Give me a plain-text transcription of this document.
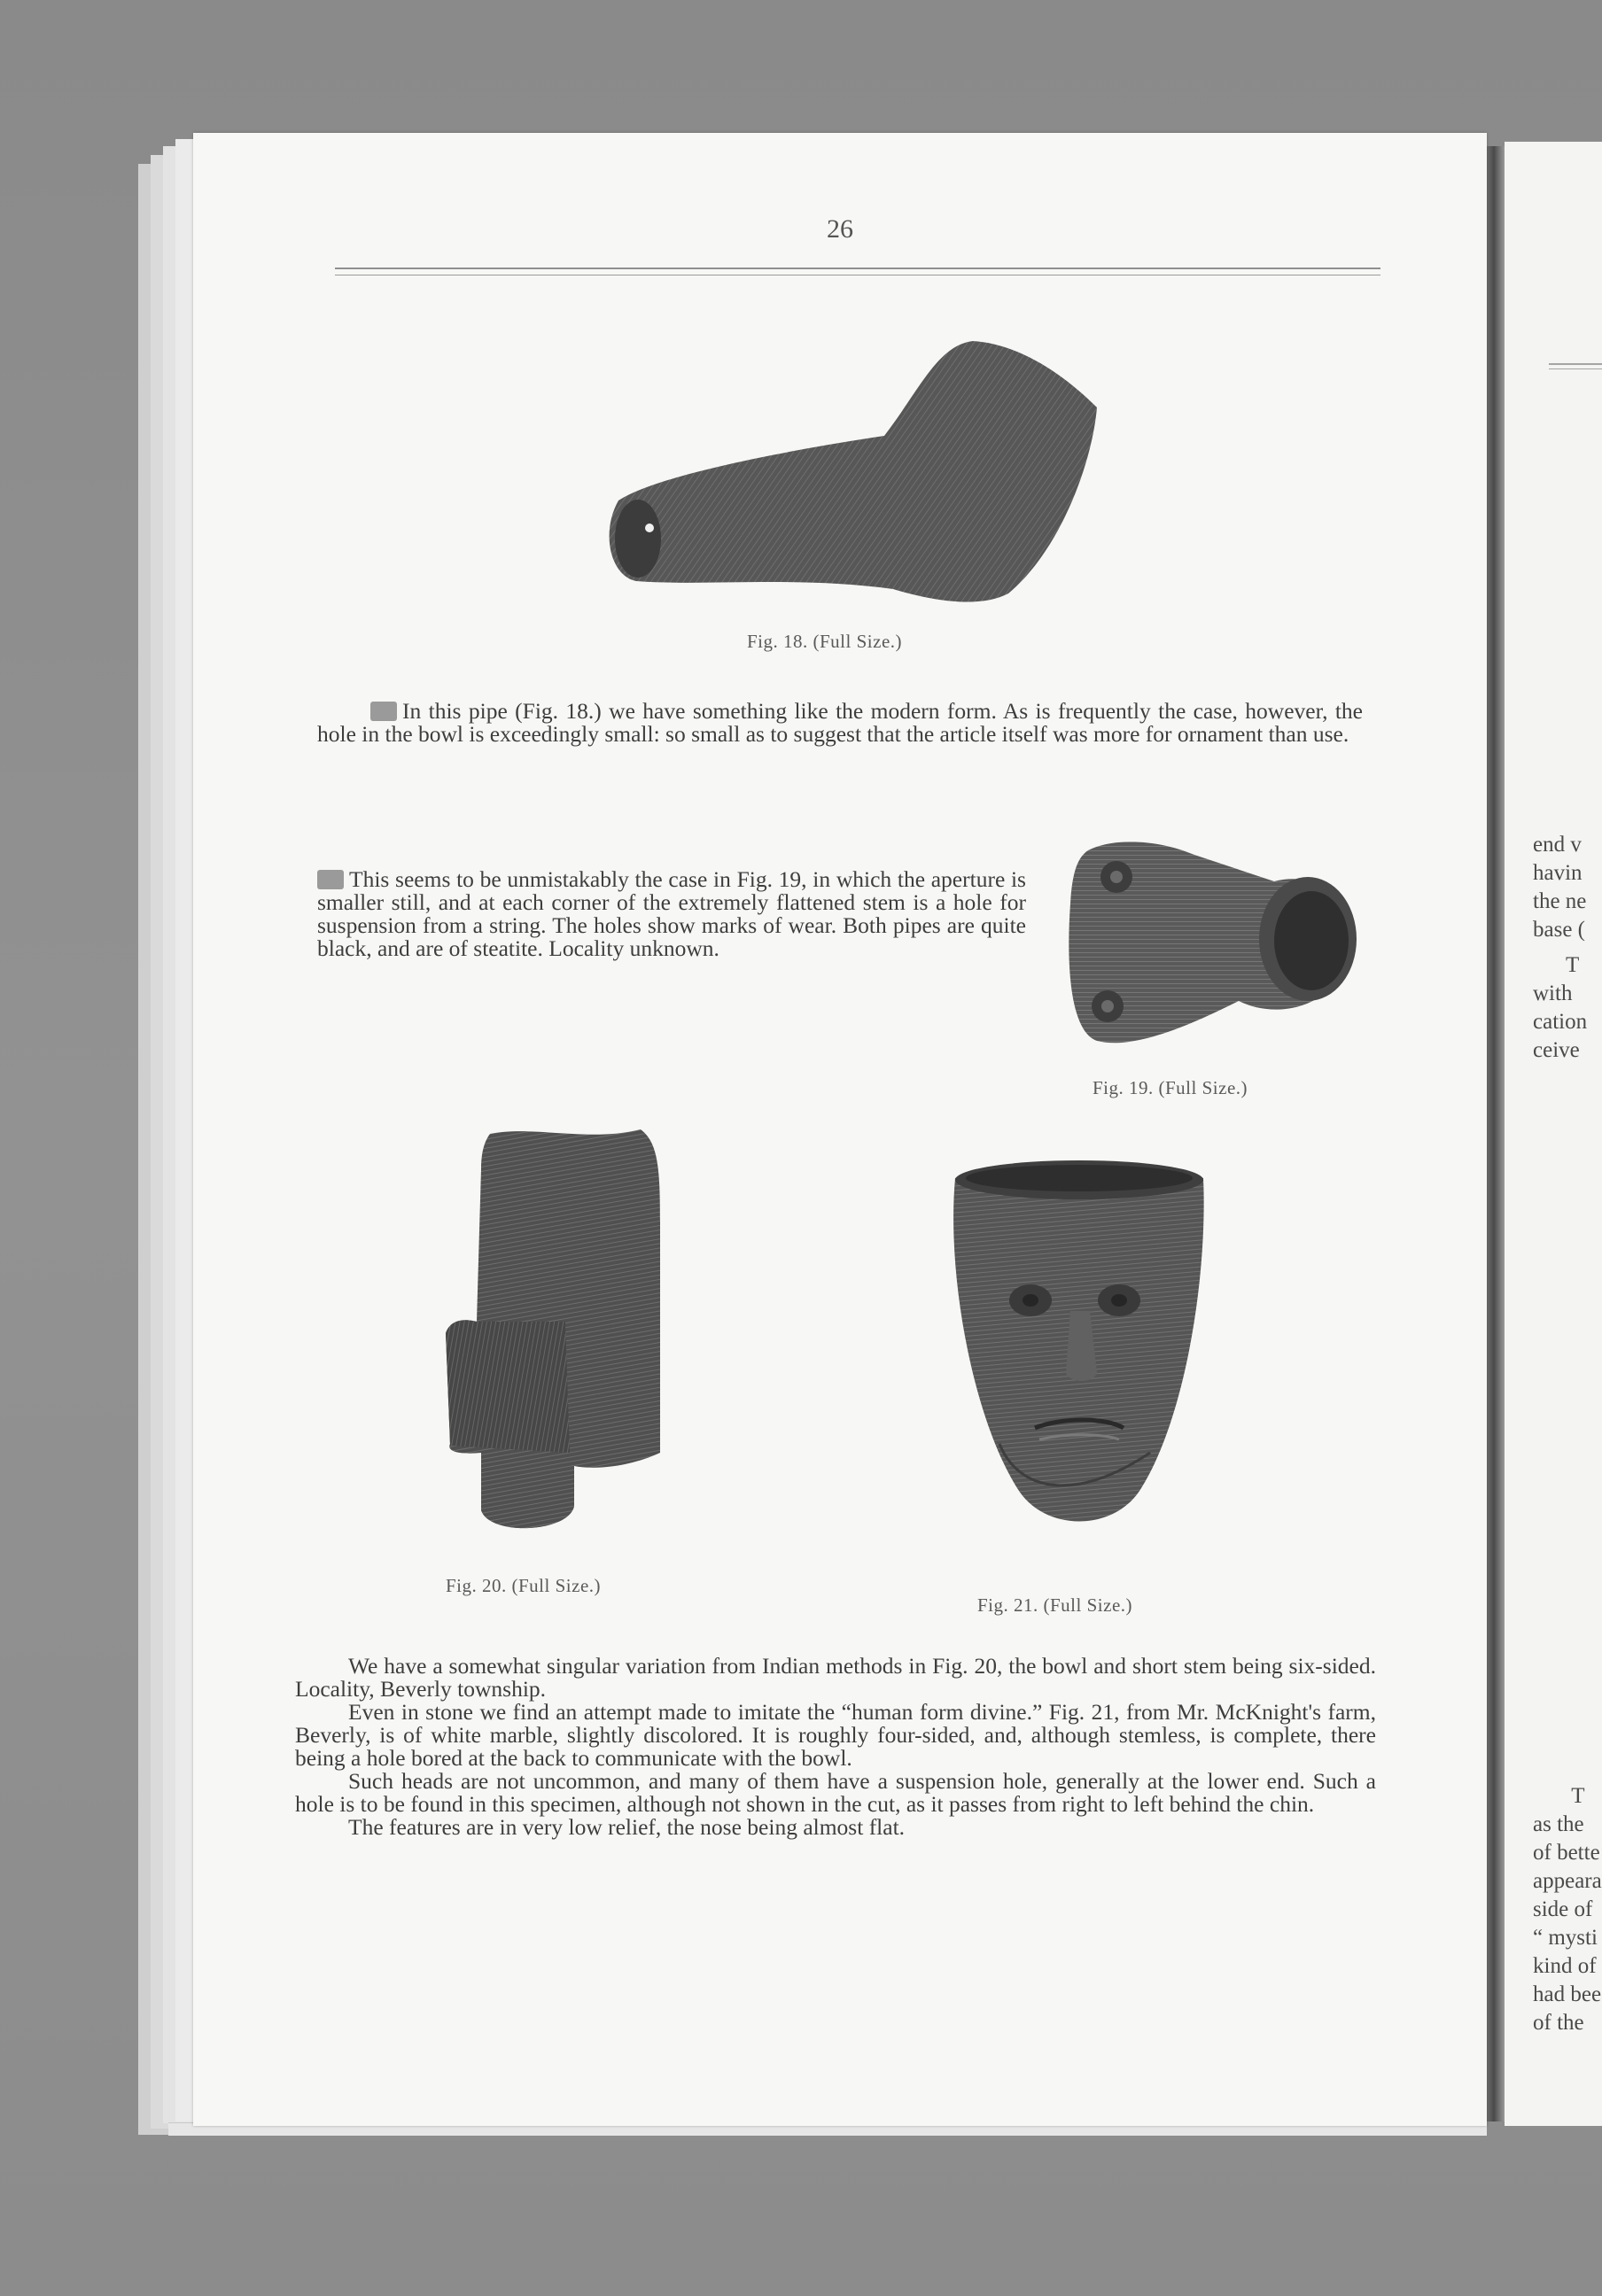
end v
havin
the ne
base (
T
with
cation
ceive
T
as the
of bette
appeara
side of
“ mysti
kind of
had bee
of the
26
Fig. 18. (Full Size.)

In this pipe (Fig. 18.) we have something like the modern form. As is frequently the case, however, the hole in the bowl is exceedingly small: so small as to suggest that the article itself was more for ornament than use.

This seems to be unmistakably the case in Fig. 19, in which the aperture is smaller still, and at each corner of the extremely flattened stem is a hole for suspension from a string. The holes show marks of wear. Both pipes are quite black, and are of steatite. Locality unknown.

Fig. 19. (Full Size.)
Fig. 20. (Full Size.)
Fig. 21. (Full Size.)

We have a somewhat singular variation from Indian methods in Fig. 20, the bowl and short stem being six-sided. Locality, Beverly township.

Even in stone we find an attempt made to imitate the “human form divine.” Fig. 21, from Mr. McKnight's farm, Beverly, is of white marble, slightly discolored. It is roughly four-sided, and, although stemless, is complete, there being a hole bored at the back to communicate with the bowl.

Such heads are not uncommon, and many of them have a suspension hole, generally at the lower end. Such a hole is to be found in this specimen, although not shown in the cut, as it passes from right to left behind the chin.

The features are in very low relief, the nose being almost flat.
